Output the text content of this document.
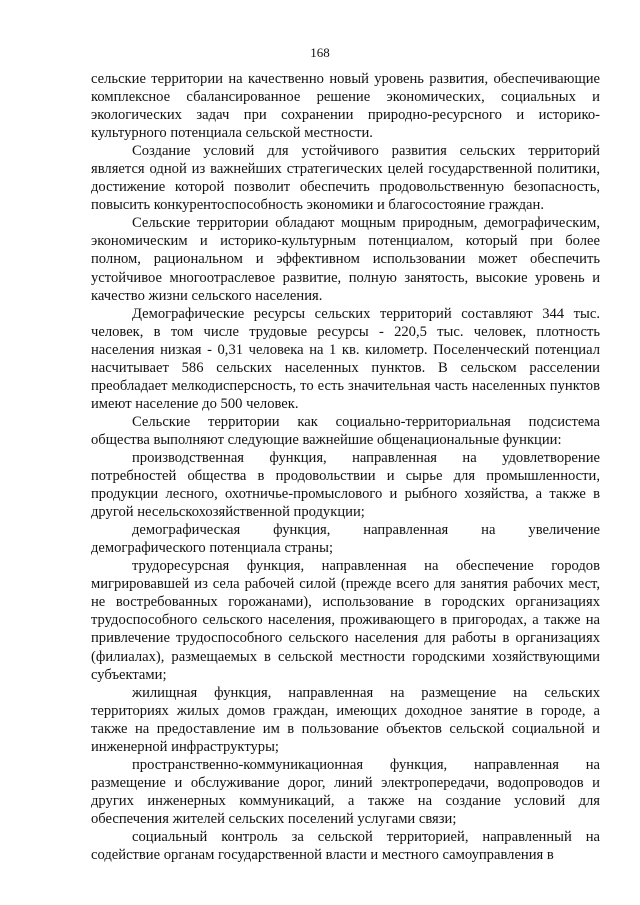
168

сельские территории на качественно новый уровень развития, обеспечивающие комплексное сбалансированное решение экономических, социальных и экологических задач при сохранении природно-ресурсного и историко-культурного потенциала сельской местности.

Создание условий для устойчивого развития сельских территорий является одной из важнейших стратегических целей государственной политики, достижение которой позволит обеспечить продовольственную безопасность, повысить конкурентоспособность экономики и благосостояние граждан.

Сельские территории обладают мощным природным, демографическим, экономическим и историко-культурным потенциалом, который при более полном, рациональном и эффективном использовании может обеспечить устойчивое многоотраслевое развитие, полную занятость, высокие уровень и качество жизни сельского населения.

Демографические ресурсы сельских территорий составляют 344 тыс. человек, в том числе трудовые ресурсы - 220,5 тыс. человек, плотность населения низкая - 0,31 человека на 1 кв. километр. Поселенческий потенциал насчитывает 586 сельских населенных пунктов. В сельском расселении преобладает мелкодисперсность, то есть значительная часть населенных пунктов имеют население до 500 человек.

Сельские территории как социально-территориальная подсистема общества выполняют следующие важнейшие общенациональные функции:

производственная функция, направленная на удовлетворение потребностей общества в продовольствии и сырье для промышленности, продукции лесного, охотничье-промыслового и рыбного хозяйства, а также в другой несельскохозяйственной продукции;

демографическая функция, направленная на увеличение демографического потенциала страны;

трудоресурсная функция, направленная на обеспечение городов мигрировавшей из села рабочей силой (прежде всего для занятия рабочих мест, не востребованных горожанами), использование в городских организациях трудоспособного сельского населения, проживающего в пригородах, а также на привлечение трудоспособного сельского населения для работы в организациях (филиалах), размещаемых в сельской местности городскими хозяйствующими субъектами;

жилищная функция, направленная на размещение на сельских территориях жилых домов граждан, имеющих доходное занятие в городе, а также на предоставление им в пользование объектов сельской социальной и инженерной инфраструктуры;

пространственно-коммуникационная функция, направленная на размещение и обслуживание дорог, линий электропередачи, водопроводов и других инженерных коммуникаций, а также на создание условий для обеспечения жителей сельских поселений услугами связи;

социальный контроль за сельской территорией, направленный на содействие органам государственной власти и местного самоуправления в
